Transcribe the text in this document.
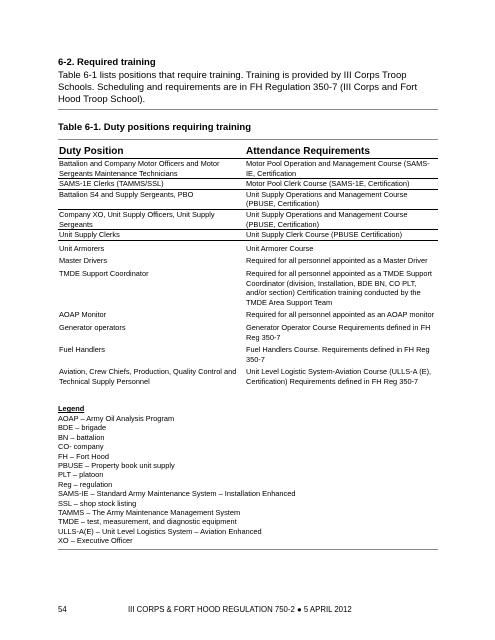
6-2. Required training
Table 6-1 lists positions that require training. Training is provided by III Corps Troop Schools. Scheduling and requirements are in FH Regulation 350-7 (III Corps and Fort Hood Troop School).
Table 6-1. Duty positions requiring training
Duty Position	Attendance Requirements
Battalion and Company Motor Officers and Motor Sergeants Maintenance Technicians	Motor Pool Operation and Management Course (SAMS-IE, Certification
SAMS-1E Clerks (TAMMS/SSL)	Motor Pool Clerk Course (SAMS-1E, Certification)
Battalion S4 and Supply Sergeants, PBO	Unit Supply Operations and Management Course (PBUSE, Certification)
Company XO, Unit Supply Officers, Unit Supply Sergeants	Unit Supply Operations and Management Course (PBUSE, Certification)
Unit Supply Clerks	Unit Supply Clerk Course (PBUSE Certification)

Unit Armorers	Unit Armorer Course

Master Drivers	Required for all personnel appointed as a Master Driver

TMDE Support Coordinator	Required for all personnel appointed as a TMDE Support Coordinator (division, Installation, BDE BN, CO PLT, and/or section) Certification training conducted by the TMDE Area Support Team

AOAP Monitor	Required for all personnel appointed as an AOAP monitor

Generator operators	Generator Operator Course Requirements defined in FH Reg 350-7

Fuel Handlers	Fuel Handlers Course. Requirements defined in FH Reg 350-7

Aviation, Crew Chiefs, Production, Quality Control and Technical Supply Personnel	Unit Level Logistic System-Aviation Course (ULLS-A (E), Certification) Requirements defined in FH Reg 350-7
Legend
AOAP – Army Oil Analysis Program
BDE – brigade
BN – battalion
CO- company
FH – Fort Hood
PBUSE – Property book unit supply
PLT – platoon
Reg – regulation
SAMS-IE – Standard Army Maintenance System – Installation Enhanced
SSL – shop stock listing
TAMMS – The Army Maintenance Management System
TMDE – test, measurement, and diagnostic equipment
ULLS-A(E) – Unit Level Logistics System – Aviation Enhanced
XO – Executive Officer
54	III CORPS & FORT HOOD REGULATION 750-2 ● 5 APRIL 2012
